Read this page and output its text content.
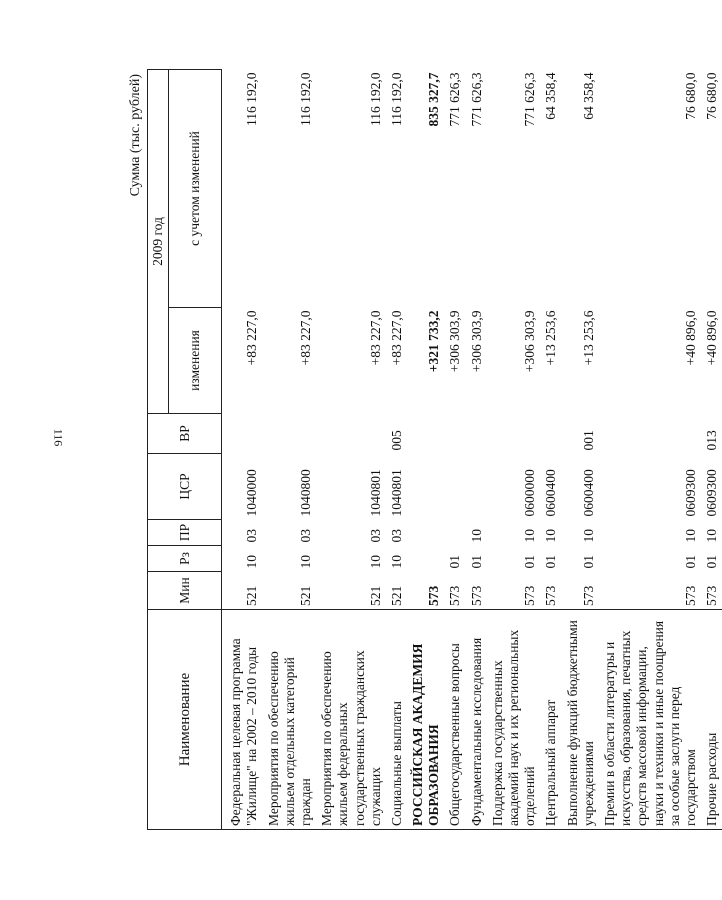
116
Сумма (тыс. рублей)
Наименование	Мин	Рз	ПР	ЦСР	ВР	2009 год	
						изменения	с учетом изменений
Федеральная целевая программа "Жилище" на 2002 – 2010 годы	521	10	03	1040000		+83 227,0	116 192,0
Мероприятия по обеспечению жильем отдельных категорий граждан	521	10	03	1040800		+83 227,0	116 192,0
Мероприятия по обеспечению жильем федеральных государственных гражданских служащих	521	10	03	1040801		+83 227,0	116 192,0
Социальные выплаты	521	10	03	1040801	005	+83 227,0	116 192,0
РОССИЙСКАЯ АКАДЕМИЯ ОБРАЗОВАНИЯ	573					+321 733,2	835 327,7
Общегосударственные вопросы	573	01				+306 303,9	771 626,3
Фундаментальные исследования	573	01	10			+306 303,9	771 626,3
Поддержка государственных академий наук и их региональных отделений	573	01	10	0600000		+306 303,9	771 626,3
Центральный аппарат	573	01	10	0600400		+13 253,6	64 358,4
Выполнение функций бюджетными учреждениями	573	01	10	0600400	001	+13 253,6	64 358,4
Премии в области литературы и искусства, образования, печатных средств массовой информации, науки и техники и иные поощрения за особые заслуги перед государством	573	01	10	0609300		+40 896,0	76 680,0
Прочие расходы	573	01	10	0609300	013	+40 896,0	76 680,0
